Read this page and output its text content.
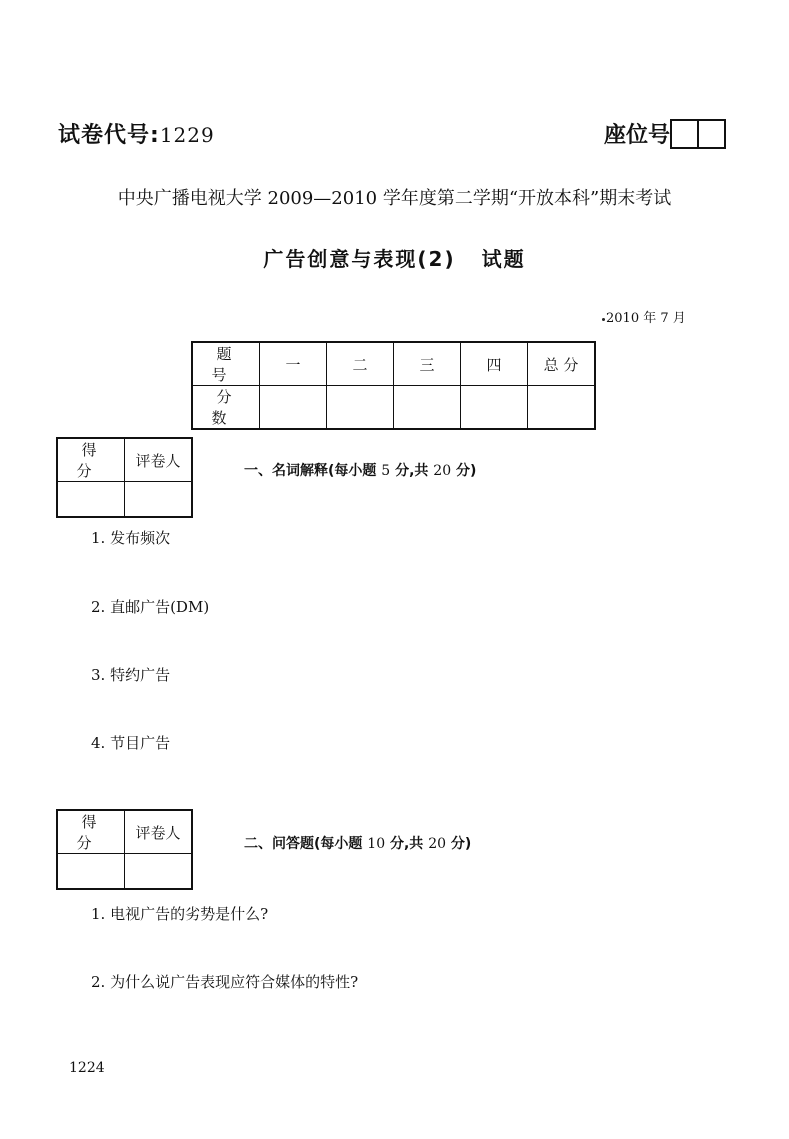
试卷代号:1229	座位号
中央广播电视大学 2009—2010 学年度第二学期“开放本科”期末考试
广告创意与表现(2) 试题
2010 年 7 月
题 号	一	二	三	四	总 分
分 数					
得 分	评卷人

一、名词解释(每小题 5 分,共 20 分)
1. 发布频次
2. 直邮广告(DM)
3. 特约广告
4. 节目广告
得 分	评卷人

二、问答题(每小题 10 分,共 20 分)
1. 电视广告的劣势是什么?
2. 为什么说广告表现应符合媒体的特性?
1224
